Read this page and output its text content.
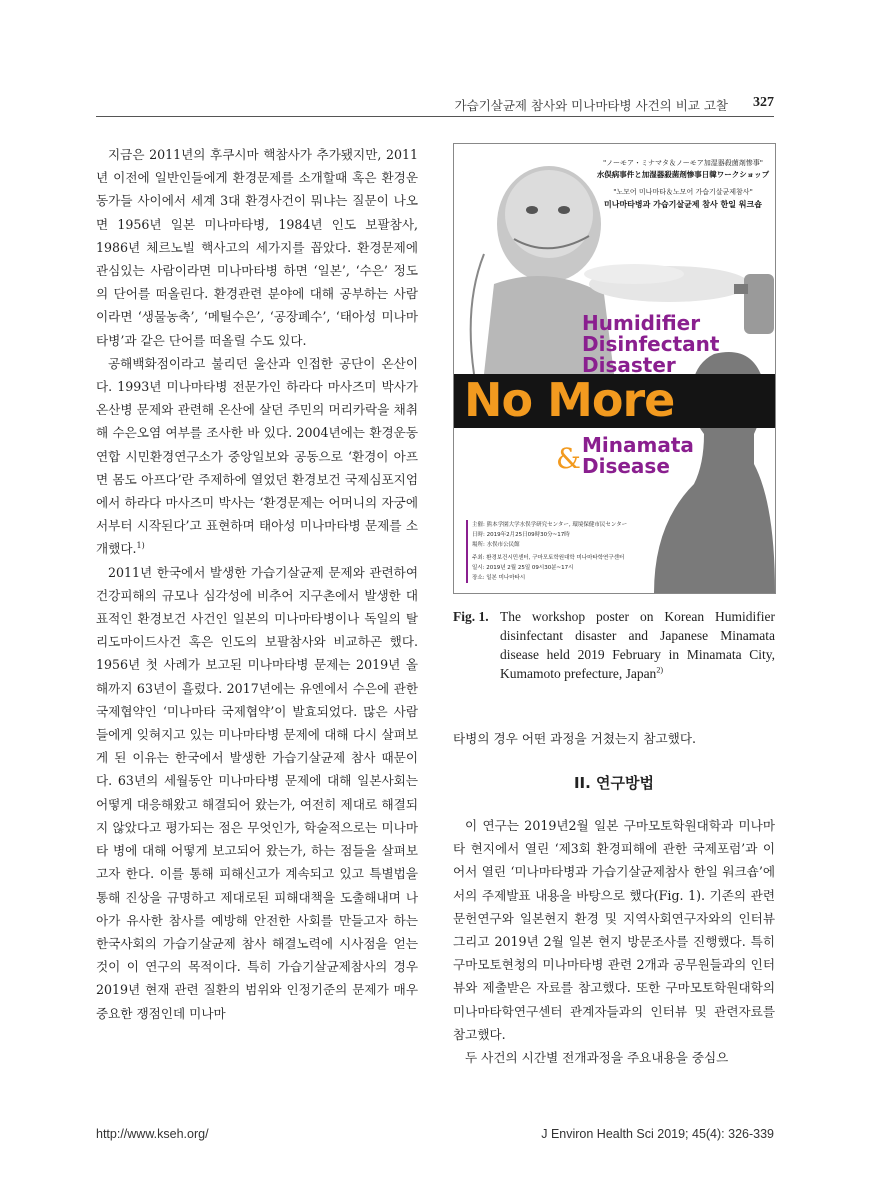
가습기살균제 참사와 미나마타병 사건의 비교 고찰 327

지금은 2011년의 후쿠시마 핵참사가 추가됐지만, 2011년 이전에 일반인들에게 환경문제를 소개할때 혹은 환경운동가들 사이에서 세계 3대 환경사건이 뭐냐는 질문이 나오면 1956년 일본 미나마타병, 1984년 인도 보팔참사, 1986년 체르노빌 핵사고의 세가지를 꼽았다. 환경문제에 관심있는 사람이라면 미나마타병 하면 ‘일본’, ‘수은’ 정도의 단어를 떠올린다. 환경관련 분야에 대해 공부하는 사람이라면 ‘생물농축’, ‘메틸수은’, ‘공장폐수’, ‘태아성 미나마타병’과 같은 단어를 떠올릴 수도 있다.

공해백화점이라고 불리던 울산과 인접한 공단이 온산이다. 1993년 미나마타병 전문가인 하라다 마사즈미 박사가 온산병 문제와 관련해 온산에 살던 주민의 머리카락을 채취해 수은오염 여부를 조사한 바 있다. 2004년에는 환경운동연합 시민환경연구소가 중앙일보와 공동으로 ‘환경이 아프면 몸도 아프다’란 주제하에 열었던 환경보건 국제심포지엄에서 하라다 마사즈미 박사는 ‘환경문제는 어머니의 자궁에서부터 시작된다’고 표현하며 태아성 미나마타병 문제를 소개했다.$^{1)}$

2011년 한국에서 발생한 가습기살균제 문제와 관련하여 건강피해의 규모나 심각성에 비추어 지구촌에서 발생한 대표적인 환경보건 사건인 일본의 미나마타병이나 독일의 탈리도마이드사건 혹은 인도의 보팔참사와 비교하곤 했다. 1956년 첫 사례가 보고된 미나마타병 문제는 2019년 올해까지 63년이 흘렀다. 2017년에는 유엔에서 수은에 관한 국제협약인 ‘미나마타 국제협약’이 발효되었다. 많은 사람들에게 잊혀지고 있는 미나마타병 문제에 대해 다시 살펴보게 된 이유는 한국에서 발생한 가습기살균제 참사 때문이다. 63년의 세월동안 미나마타병 문제에 대해 일본사회는 어떻게 대응해왔고 해결되어 왔는가, 여전히 제대로 해결되지 않았다고 평가되는 점은 무엇인가, 학술적으로는 미나마타 병에 대해 어떻게 보고되어 왔는가, 하는 점들을 살펴보고자 한다. 이를 통해 피해신고가 계속되고 있고 특별법을 통해 진상을 규명하고 제대로된 피해대책을 도출해내며 나아가 유사한 참사를 예방해 안전한 사회를 만들고자 하는 한국사회의 가습기살균제 참사 해결노력에 시사점을 얻는 것이 이 연구의 목적이다. 특히 가습기살균제참사의 경우 2019년 현재 관련 질환의 범위와 인정기준의 문제가 매우 중요한 쟁점인데 미나마

"ノーモア・ミナマタ＆ノーモア加湿器殺菌剤惨事"
水俣病事件と加湿器殺菌剤惨事日韓ワークショップ
"노모어 미나마타＆노모어 가습기살균제참사"
미나마타병과 가습기살균제 참사 한일 워크숍
Humidifier
Disinfectant
Disaster
No More
Minamata
& Disease
主催: 熊本学園大学水俣学研究センター, 環境保健市民センター
日時: 2019年2月25日09時30分~17時
場所: 水俣市公民館
주최: 환경보건시민센터, 구마모토학원대학 미나마타학연구센터
일시: 2019년 2월 25일 09시30분~17시
장소: 일본 미나마타시
Fig. 1. The workshop poster on Korean Humidifier disinfectant disaster and Japanese Minamata disease held 2019 February in Minamata City, Kumamoto prefecture, Japan$^{2)}$
타병의 경우 어떤 과정을 거쳤는지 참고했다.
II. 연구방법

이 연구는 2019년2월 일본 구마모토학원대학과 미나마타 현지에서 열린 ‘제3회 환경피해에 관한 국제포럼’과 이어서 열린 ‘미나마타병과 가습기살균제참사 한일 워크숍’에서의 주제발표 내용을 바탕으로 했다(Fig. 1). 기존의 관련 문헌연구와 일본현지 환경 및 지역사회연구자와의 인터뷰 그리고 2019년 2월 일본 현지 방문조사를 진행했다. 특히 구마모토현청의 미나마타병 관련 2개과 공무원들과의 인터뷰와 제출받은 자료를 참고했다. 또한 구마모토학원대학의 미나마타학연구센터 관계자들과의 인터뷰 및 관련자료를 참고했다.

두 사건의 시간별 전개과정을 주요내용을 중심으

http://www.kseh.org/	J Environ Health Sci 2019; 45(4): 326-339
